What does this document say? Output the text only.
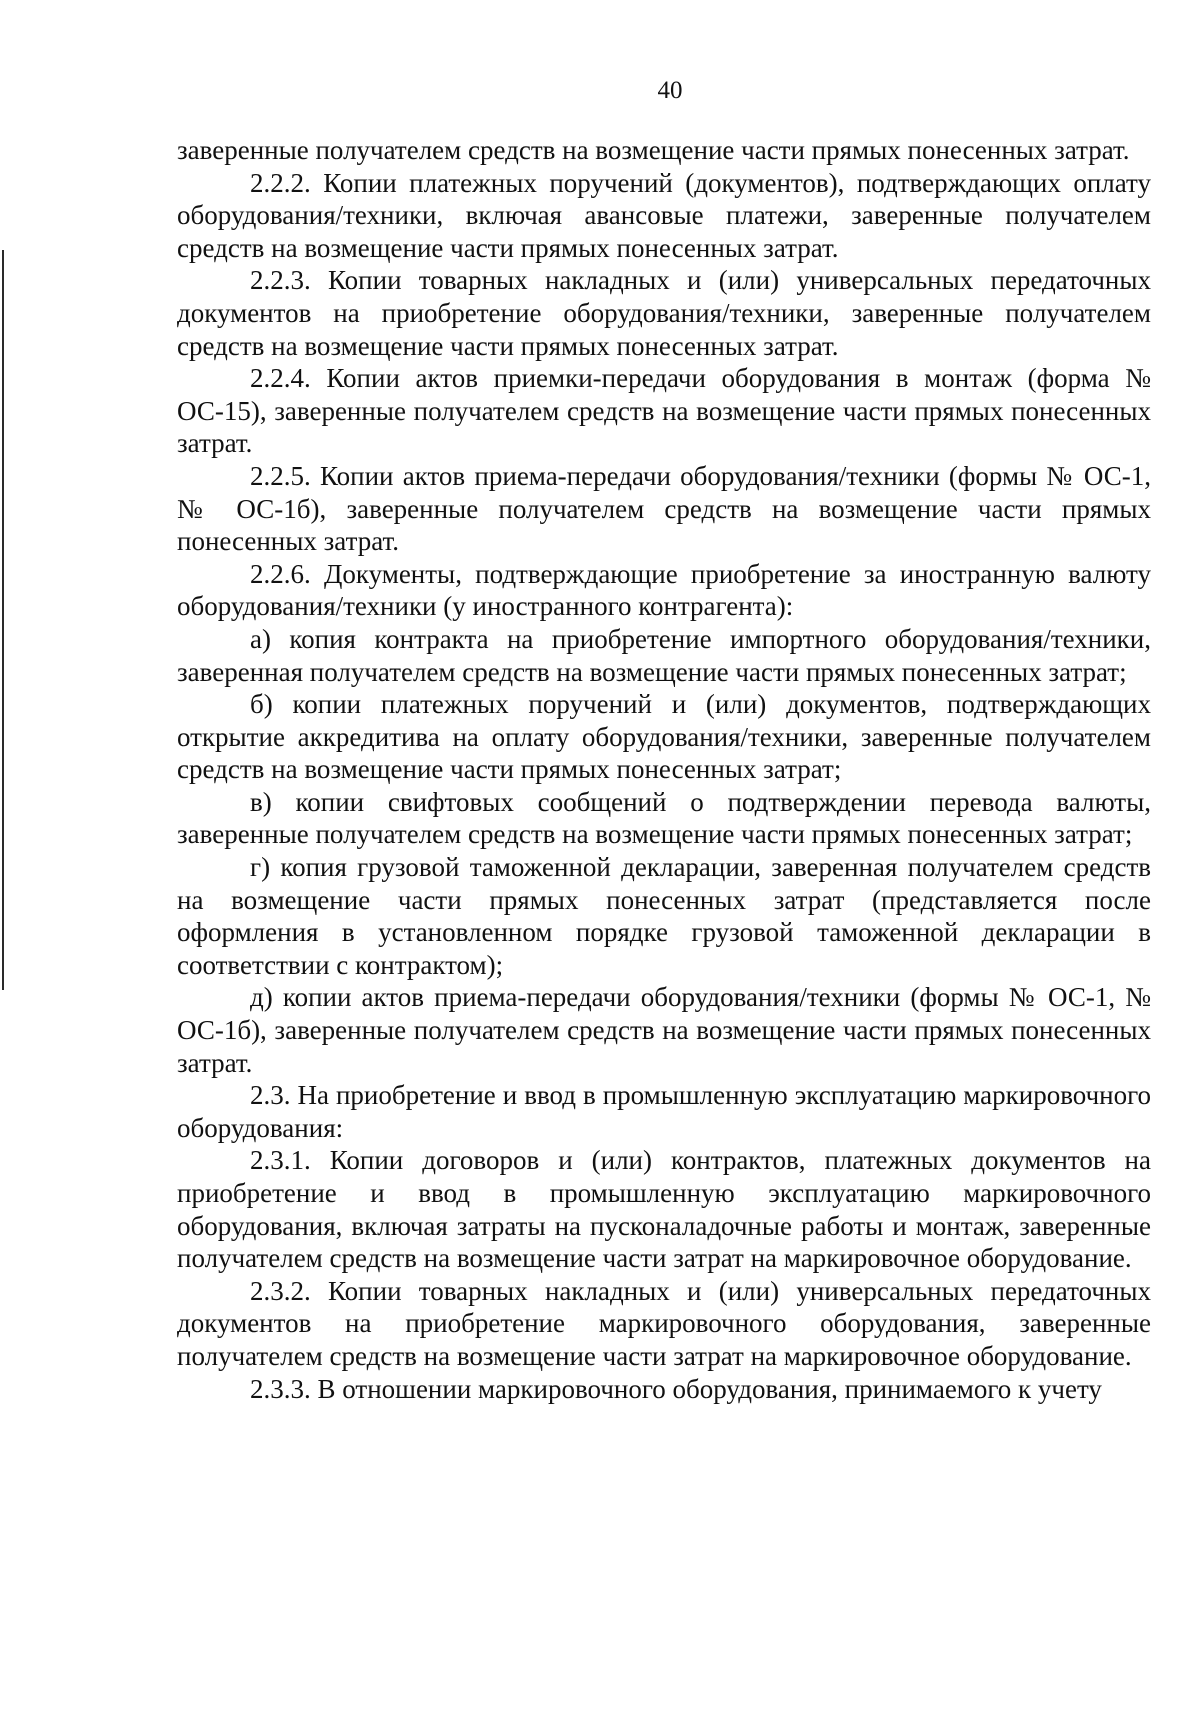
40

заверенные получателем средств на возмещение части прямых понесенных затрат.

2.2.2. Копии платежных поручений (документов), подтверждающих оплату оборудования/техники, включая авансовые платежи, заверенные получателем средств на возмещение части прямых понесенных затрат.

2.2.3. Копии товарных накладных и (или) универсальных передаточных документов на приобретение оборудования/техники, заверенные получателем средств на возмещение части прямых понесенных затрат.

2.2.4. Копии актов приемки-передачи оборудования в монтаж (форма № ОС-15), заверенные получателем средств на возмещение части прямых понесенных затрат.

2.2.5. Копии актов приема-передачи оборудования/техники (формы № ОС-1, № ОС-1б), заверенные получателем средств на возмещение части прямых понесенных затрат.

2.2.6. Документы, подтверждающие приобретение за иностранную валюту оборудования/техники (у иностранного контрагента):

а) копия контракта на приобретение импортного оборудования/техники, заверенная получателем средств на возмещение части прямых понесенных затрат;

б) копии платежных поручений и (или) документов, подтверждающих открытие аккредитива на оплату оборудования/техники, заверенные получателем средств на возмещение части прямых понесенных затрат;

в) копии свифтовых сообщений о подтверждении перевода валюты, заверенные получателем средств на возмещение части прямых понесенных затрат;

г) копия грузовой таможенной декларации, заверенная получателем средств на возмещение части прямых понесенных затрат (представляется после оформления в установленном порядке грузовой таможенной декларации в соответствии с контрактом);

д) копии актов приема-передачи оборудования/техники (формы № ОС-1, № ОС-1б), заверенные получателем средств на возмещение части прямых понесенных затрат.

2.3. На приобретение и ввод в промышленную эксплуатацию маркировочного оборудования:

2.3.1. Копии договоров и (или) контрактов, платежных документов на приобретение и ввод в промышленную эксплуатацию маркировочного оборудования, включая затраты на пусконаладочные работы и монтаж, заверенные получателем средств на возмещение части затрат на маркировочное оборудование.

2.3.2. Копии товарных накладных и (или) универсальных передаточных документов на приобретение маркировочного оборудования, заверенные получателем средств на возмещение части затрат на маркировочное оборудование.

2.3.3. В отношении маркировочного оборудования, принимаемого к учету
